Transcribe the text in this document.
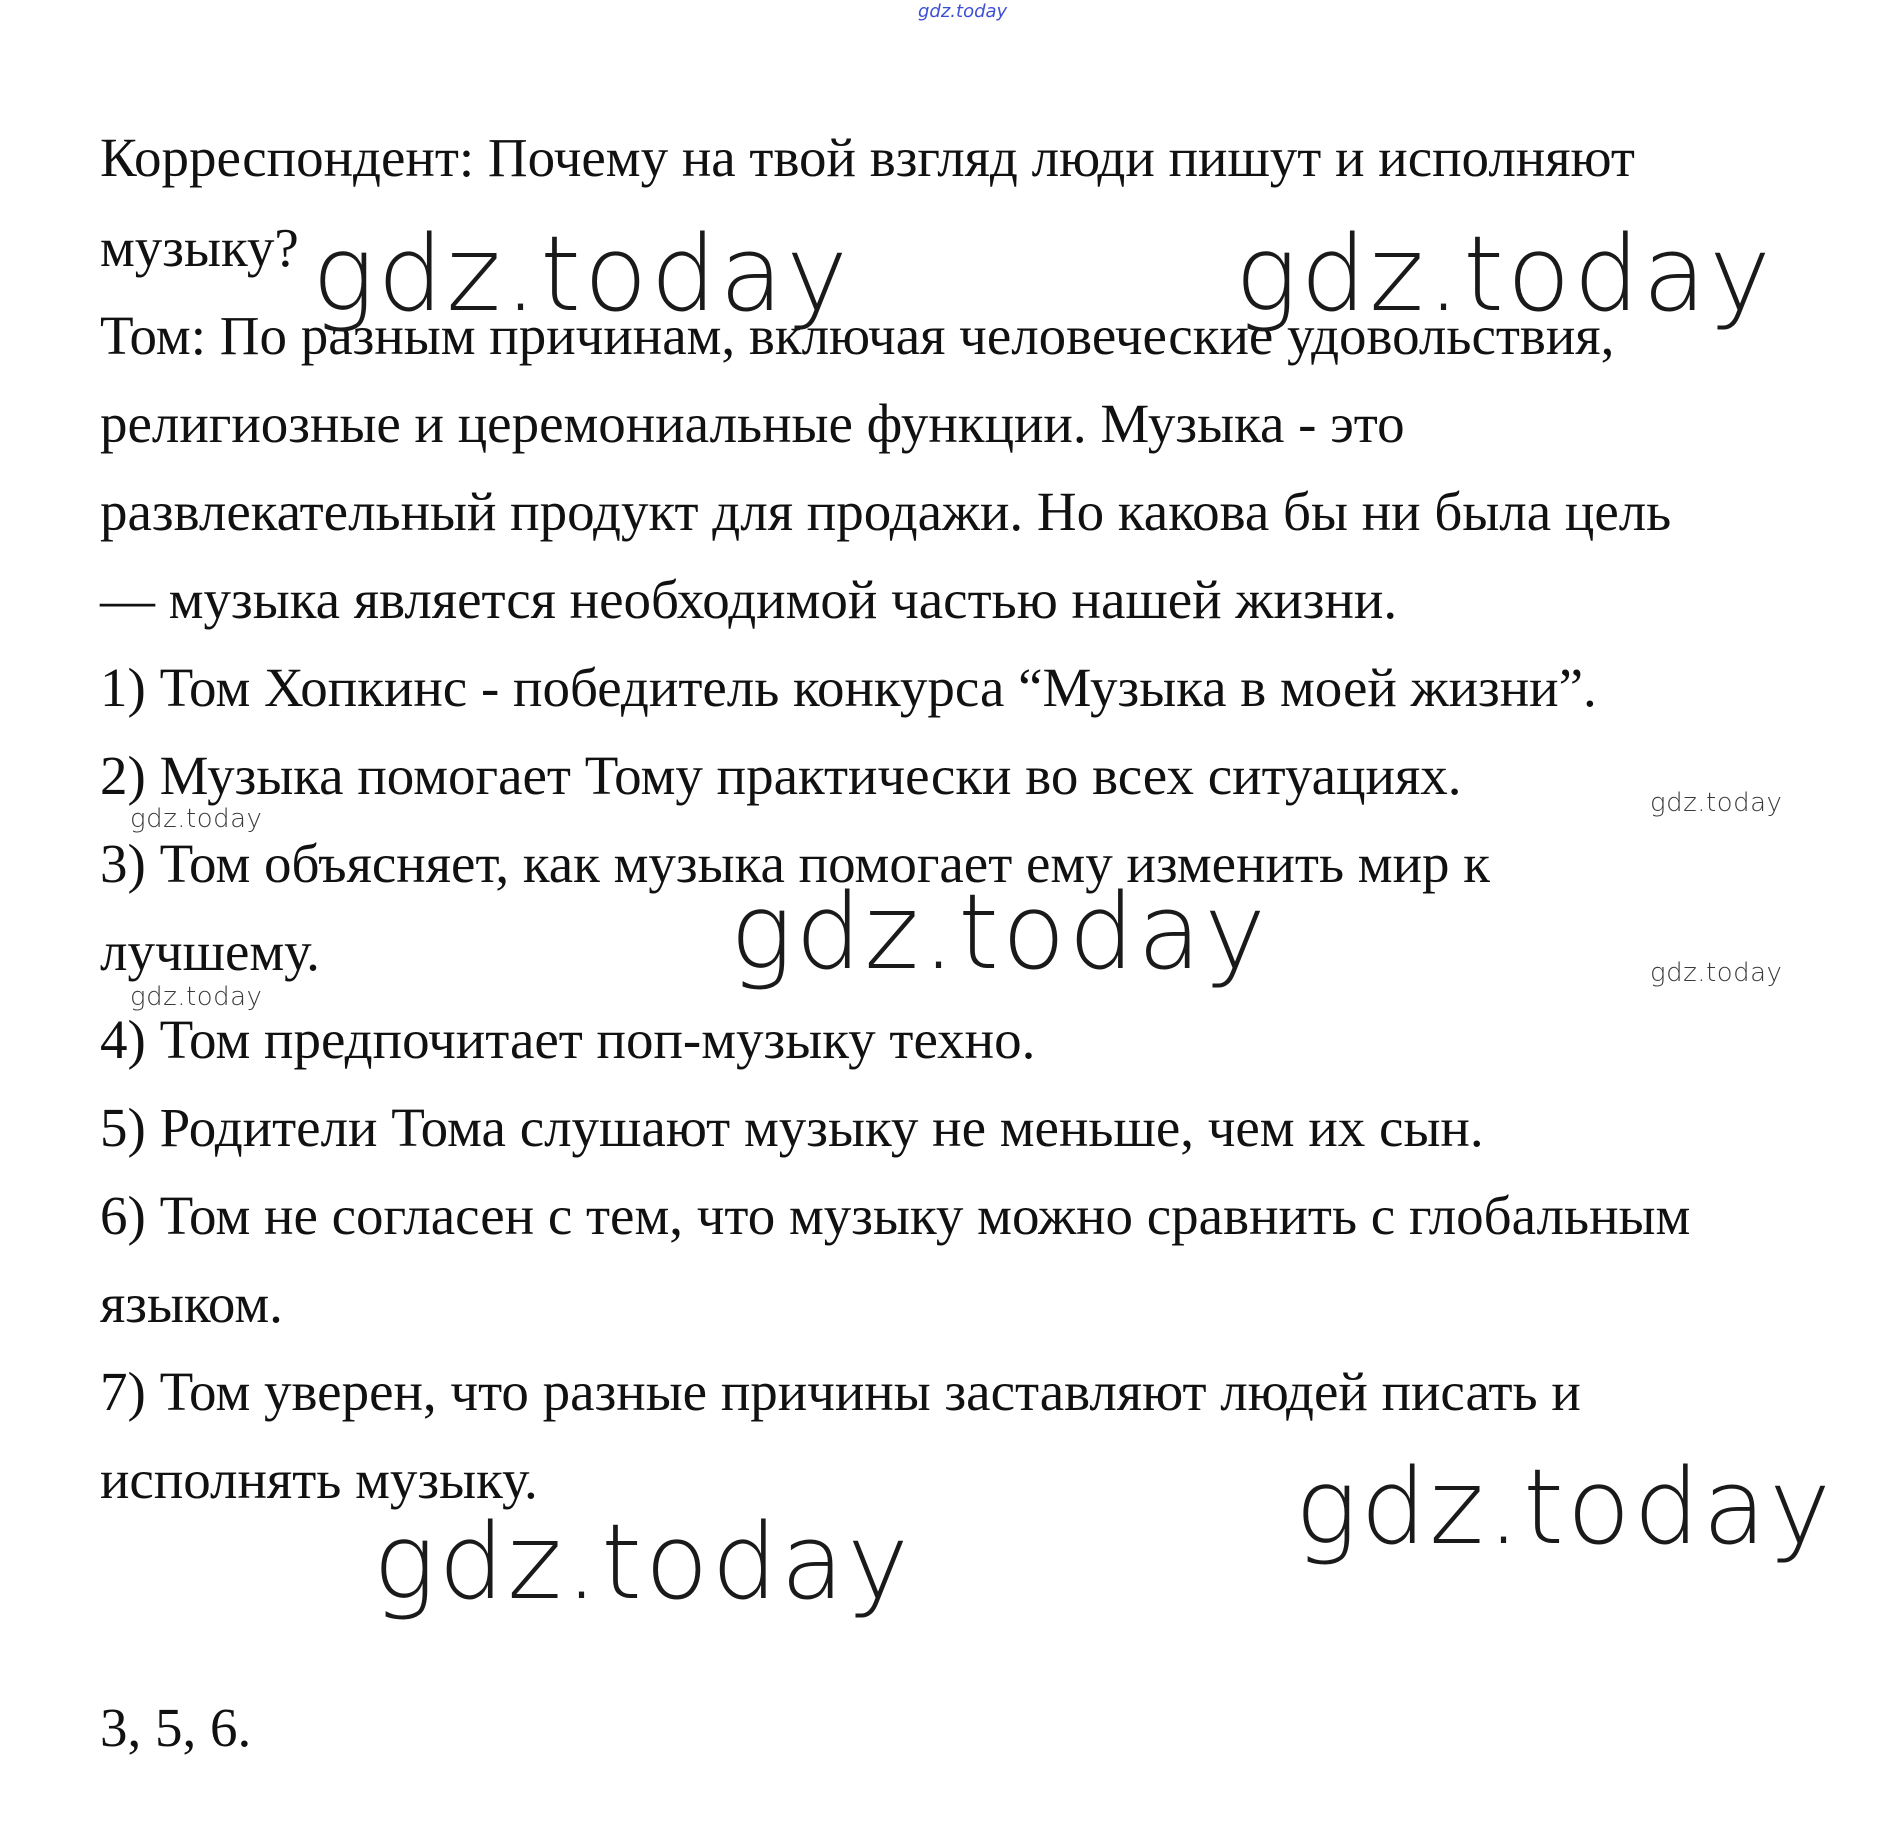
Корреспондент: Почему на твой взгляд люди пишут и исполняют
музыку?
Том: По разным причинам, включая человеческие удовольствия,
религиозные и церемониальные функции. Музыка - это
развлекательный продукт для продажи. Но какова бы ни была цель
— музыка является необходимой частью нашей жизни.
1) Том Хопкинс - победитель конкурса “Музыка в моей жизни”.
2) Музыка помогает Тому практически во всех ситуациях.
3) Том объясняет, как музыка помогает ему изменить мир к
лучшему.
4) Том предпочитает поп-музыку техно.
5) Родители Тома слушают музыку не меньше, чем их сын.
6) Том не согласен с тем, что музыку можно сравнить с глобальным
языком.
7) Том уверен, что разные причины заставляют людей писать и
исполнять музыку.
3, 5, 6.
gdz.today
gdz.today	gdz.today
gdz.today
gdz.today
gdz.today
gdz.today
gdz.today
gdz.today
gdz.today
